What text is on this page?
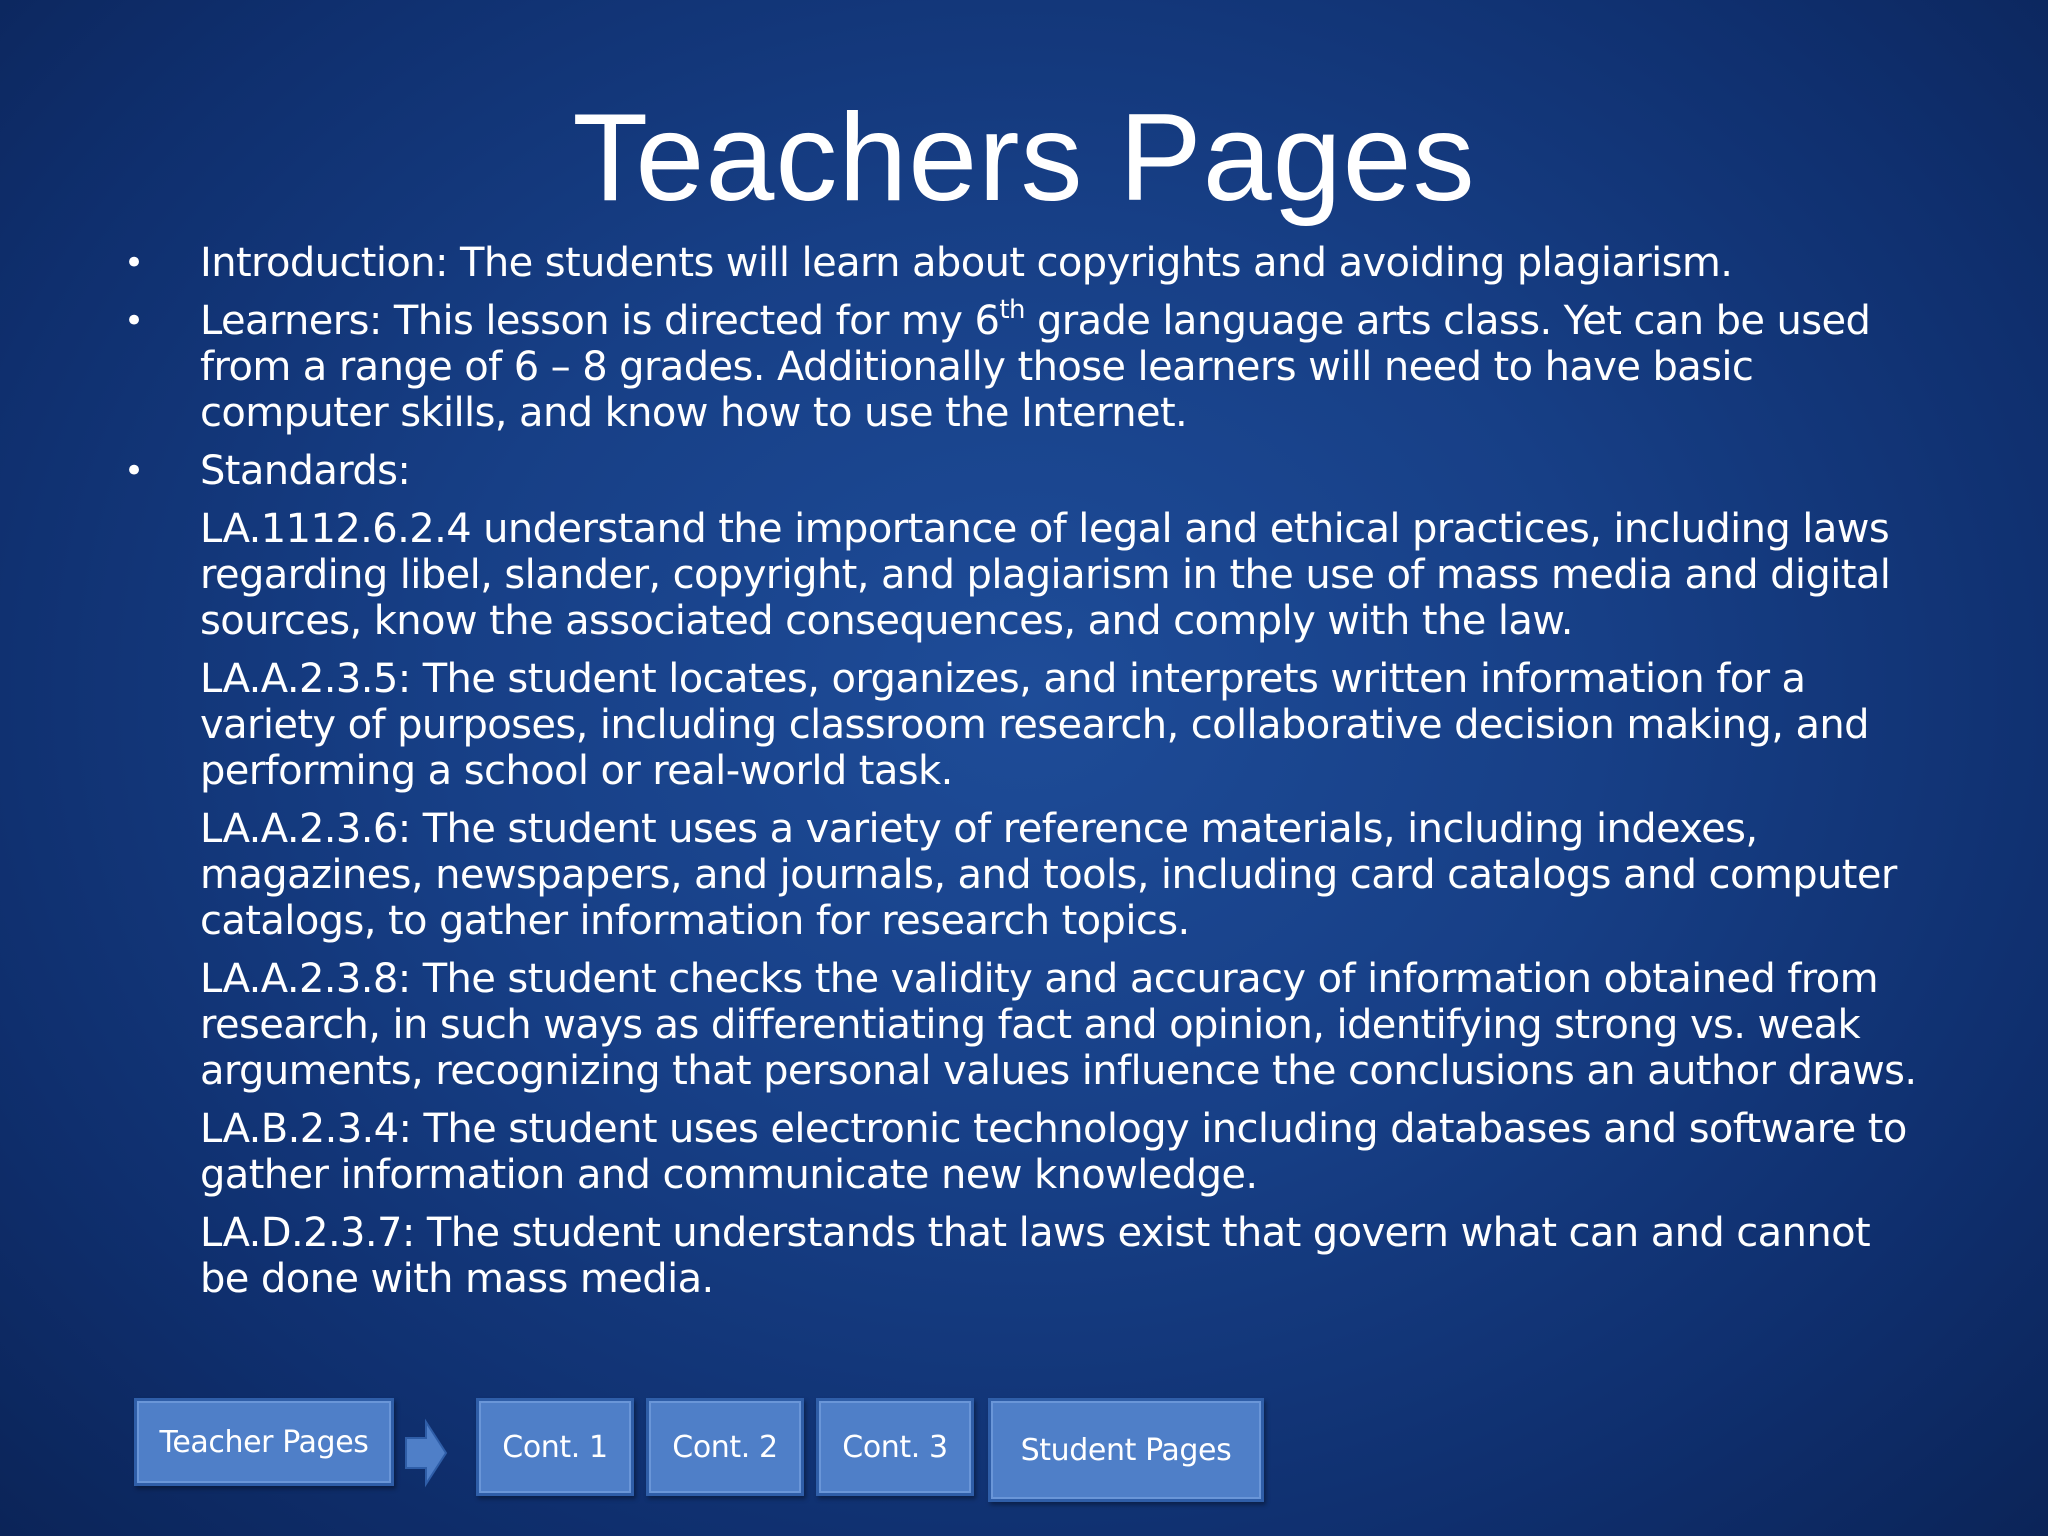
Teachers Pages
• Introduction: The students will learn about copyrights and avoiding plagiarism.
• Learners: This lesson is directed for my 6th grade language arts class. Yet can be used from a range of 6 – 8 grades. Additionally those learners will need to have basic computer skills, and know how to use the Internet.
• Standards:
LA.1112.6.2.4 understand the importance of legal and ethical practices, including laws regarding libel, slander, copyright, and plagiarism in the use of mass media and digital sources, know the associated consequences, and comply with the law.
LA.A.2.3.5: The student locates, organizes, and interprets written information for a variety of purposes, including classroom research, collaborative decision making, and performing a school or real-world task.
LA.A.2.3.6: The student uses a variety of reference materials, including indexes, magazines, newspapers, and journals, and tools, including card catalogs and computer catalogs, to gather information for research topics.
LA.A.2.3.8: The student checks the validity and accuracy of information obtained from research, in such ways as differentiating fact and opinion, identifying strong vs. weak arguments, recognizing that personal values influence the conclusions an author draws.
LA.B.2.3.4: The student uses electronic technology including databases and software to gather information and communicate new knowledge.
LA.D.2.3.7: The student understands that laws exist that govern what can and cannot be done with mass media.
Teacher Pages	Cont. 1	Cont. 2	Cont. 3	Student Pages
